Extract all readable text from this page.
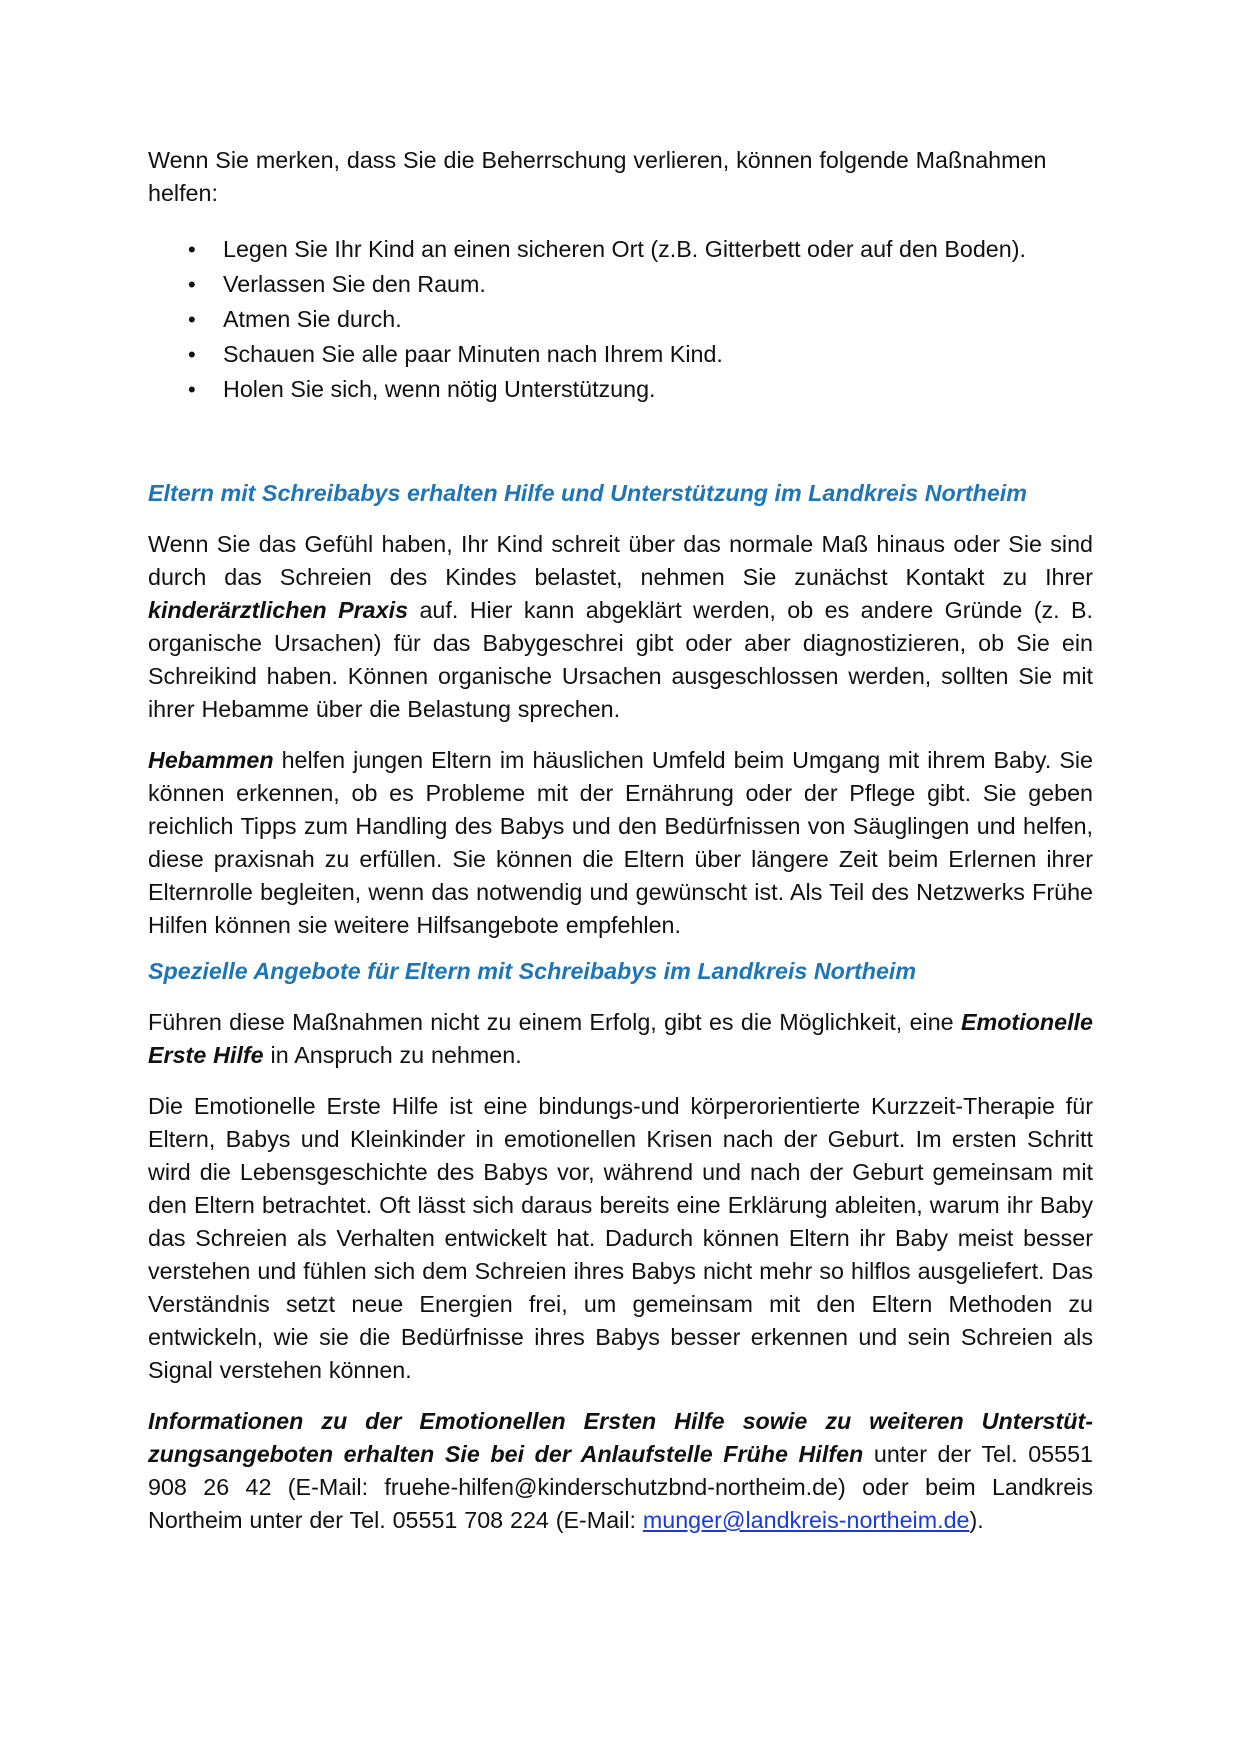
Wenn Sie merken, dass Sie die Beherrschung verlieren, können folgende Maßnahmen helfen:

• Legen Sie Ihr Kind an einen sicheren Ort (z.B. Gitterbett oder auf den Boden).
• Verlassen Sie den Raum.
• Atmen Sie durch.
• Schauen Sie alle paar Minuten nach Ihrem Kind.
• Holen Sie sich, wenn nötig Unterstützung.
Eltern mit Schreibabys erhalten Hilfe und Unterstützung im Landkreis Northeim

Wenn Sie das Gefühl haben, Ihr Kind schreit über das normale Maß hinaus oder Sie sind durch das Schreien des Kindes belastet, nehmen Sie zunächst Kontakt zu Ihrer kinderärztlichen Praxis auf. Hier kann abgeklärt werden, ob es andere Gründe (z. B. organische Ursachen) für das Babygeschrei gibt oder aber diagnostizieren, ob Sie ein Schreikind haben. Können organische Ursachen ausgeschlossen werden, sollten Sie mit ihrer Hebamme über die Belastung sprechen.

Hebammen helfen jungen Eltern im häuslichen Umfeld beim Umgang mit ihrem Baby. Sie können erkennen, ob es Probleme mit der Ernährung oder der Pflege gibt. Sie geben reichlich Tipps zum Handling des Babys und den Bedürfnissen von Säuglingen und helfen, diese praxisnah zu erfüllen. Sie können die Eltern über längere Zeit beim Erlernen ihrer Elternrolle begleiten, wenn das notwendig und gewünscht ist. Als Teil des Netzwerks Frühe Hilfen können sie weitere Hilfsangebote empfehlen.

Spezielle Angebote für Eltern mit Schreibabys im Landkreis Northeim

Führen diese Maßnahmen nicht zu einem Erfolg, gibt es die Möglichkeit, eine Emotionelle Erste Hilfe in Anspruch zu nehmen.

Die Emotionelle Erste Hilfe ist eine bindungs-und körperorientierte Kurzzeit-Therapie für Eltern, Babys und Kleinkinder in emotionellen Krisen nach der Geburt. Im ersten Schritt wird die Lebensgeschichte des Babys vor, während und nach der Geburt gemeinsam mit den Eltern betrachtet. Oft lässt sich daraus bereits eine Erklärung ableiten, warum ihr Baby das Schreien als Verhalten entwickelt hat. Dadurch können Eltern ihr Baby meist besser verstehen und fühlen sich dem Schreien ihres Babys nicht mehr so hilflos ausgeliefert. Das Verständnis setzt neue Energien frei, um gemeinsam mit den Eltern Methoden zu entwickeln, wie sie die Bedürfnisse ihres Babys besser erkennen und sein Schreien als Signal verstehen können.

Informationen zu der Emotionellen Ersten Hilfe sowie zu weiteren Unterstützungsangeboten erhalten Sie bei der Anlaufstelle Frühe Hilfen unter der Tel. 05551 908 26 42 (E-Mail: fruehe-hilfen@kinderschutzbnd-northeim.de) oder beim Landkreis Northeim unter der Tel. 05551 708 224 (E-Mail: munger@landkreis-northeim.de).
